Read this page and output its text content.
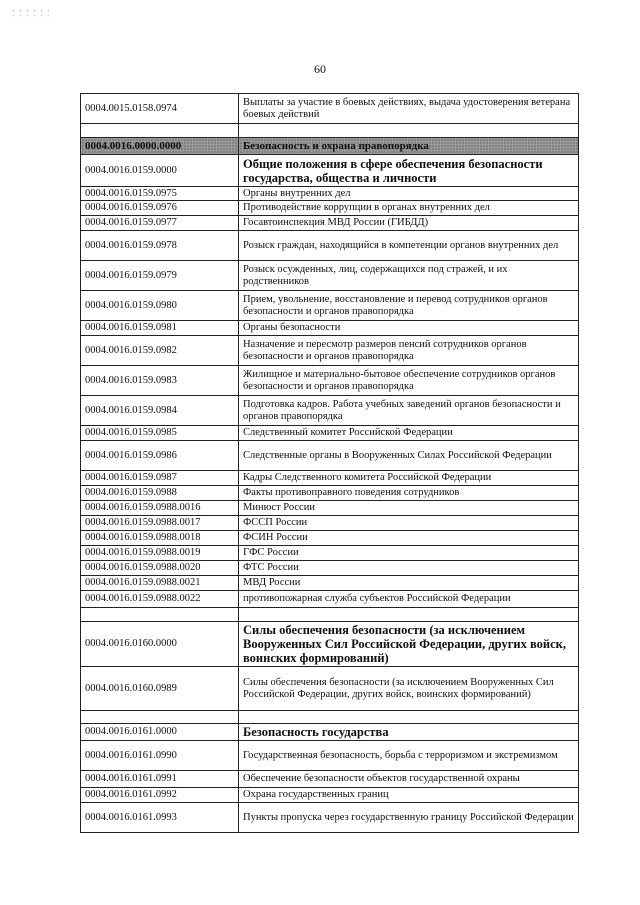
60
0004.0015.0158.0974	Выплаты за участие в боевых действиях, выдача удостоверения ветерана боевых действий

0004.0016.0000.0000	Безопасность и охрана правопорядка
0004.0016.0159.0000	Общие положения в сфере обеспечения безопасности государства, общества и личности
0004.0016.0159.0975	Органы внутренних дел
0004.0016.0159.0976	Противодействие коррупции в органах внутренних дел
0004.0016.0159.0977	Госавтоинспекция МВД России (ГИБДД)
0004.0016.0159.0978	Розыск граждан, находящийся в компетенции органов внутренних дел
0004.0016.0159.0979	Розыск осужденных, лиц, содержащихся под стражей, и их родственников
0004.0016.0159.0980	Прием, увольнение, восстановление и перевод сотрудников органов безопасности и органов правопорядка
0004.0016.0159.0981	Органы безопасности
0004.0016.0159.0982	Назначение и пересмотр размеров пенсий сотрудников органов безопасности и органов правопорядка
0004.0016.0159.0983	Жилищное и материально-бытовое обеспечение сотрудников органов безопасности и органов правопорядка
0004.0016.0159.0984	Подготовка кадров. Работа учебных заведений органов безопасности и органов правопорядка
0004.0016.0159.0985	Следственный комитет Российской Федерации
0004.0016.0159.0986	Следственные органы в Вооруженных Силах Российской Федерации
0004.0016.0159.0987	Кадры Следственного комитета Российской Федерации
0004.0016.0159.0988	Факты противоправного поведения сотрудников
0004.0016.0159.0988.0016	Минюст России
0004.0016.0159.0988.0017	ФССП России
0004.0016.0159.0988.0018	ФСИН России
0004.0016.0159.0988.0019	ГФС России
0004.0016.0159.0988.0020	ФТС России
0004.0016.0159.0988.0021	МВД России
0004.0016.0159.0988.0022	противопожарная служба субъектов Российской Федерации

0004.0016.0160.0000	Силы обеспечения безопасности (за исключением Вооруженных Сил Российской Федерации, других войск, воинских формирований)
0004.0016.0160.0989	Силы обеспечения безопасности (за исключением Вооруженных Сил Российской Федерации, других войск, воинских формирований)

0004.0016.0161.0000	Безопасность государства
0004.0016.0161.0990	Государственная безопасность, борьба с терроризмом и экстремизмом
0004.0016.0161.0991	Обеспечение безопасности объектов государственной охраны
0004.0016.0161.0992	Охрана государственных границ
0004.0016.0161.0993	Пункты пропуска через государственную границу Российской Федерации
